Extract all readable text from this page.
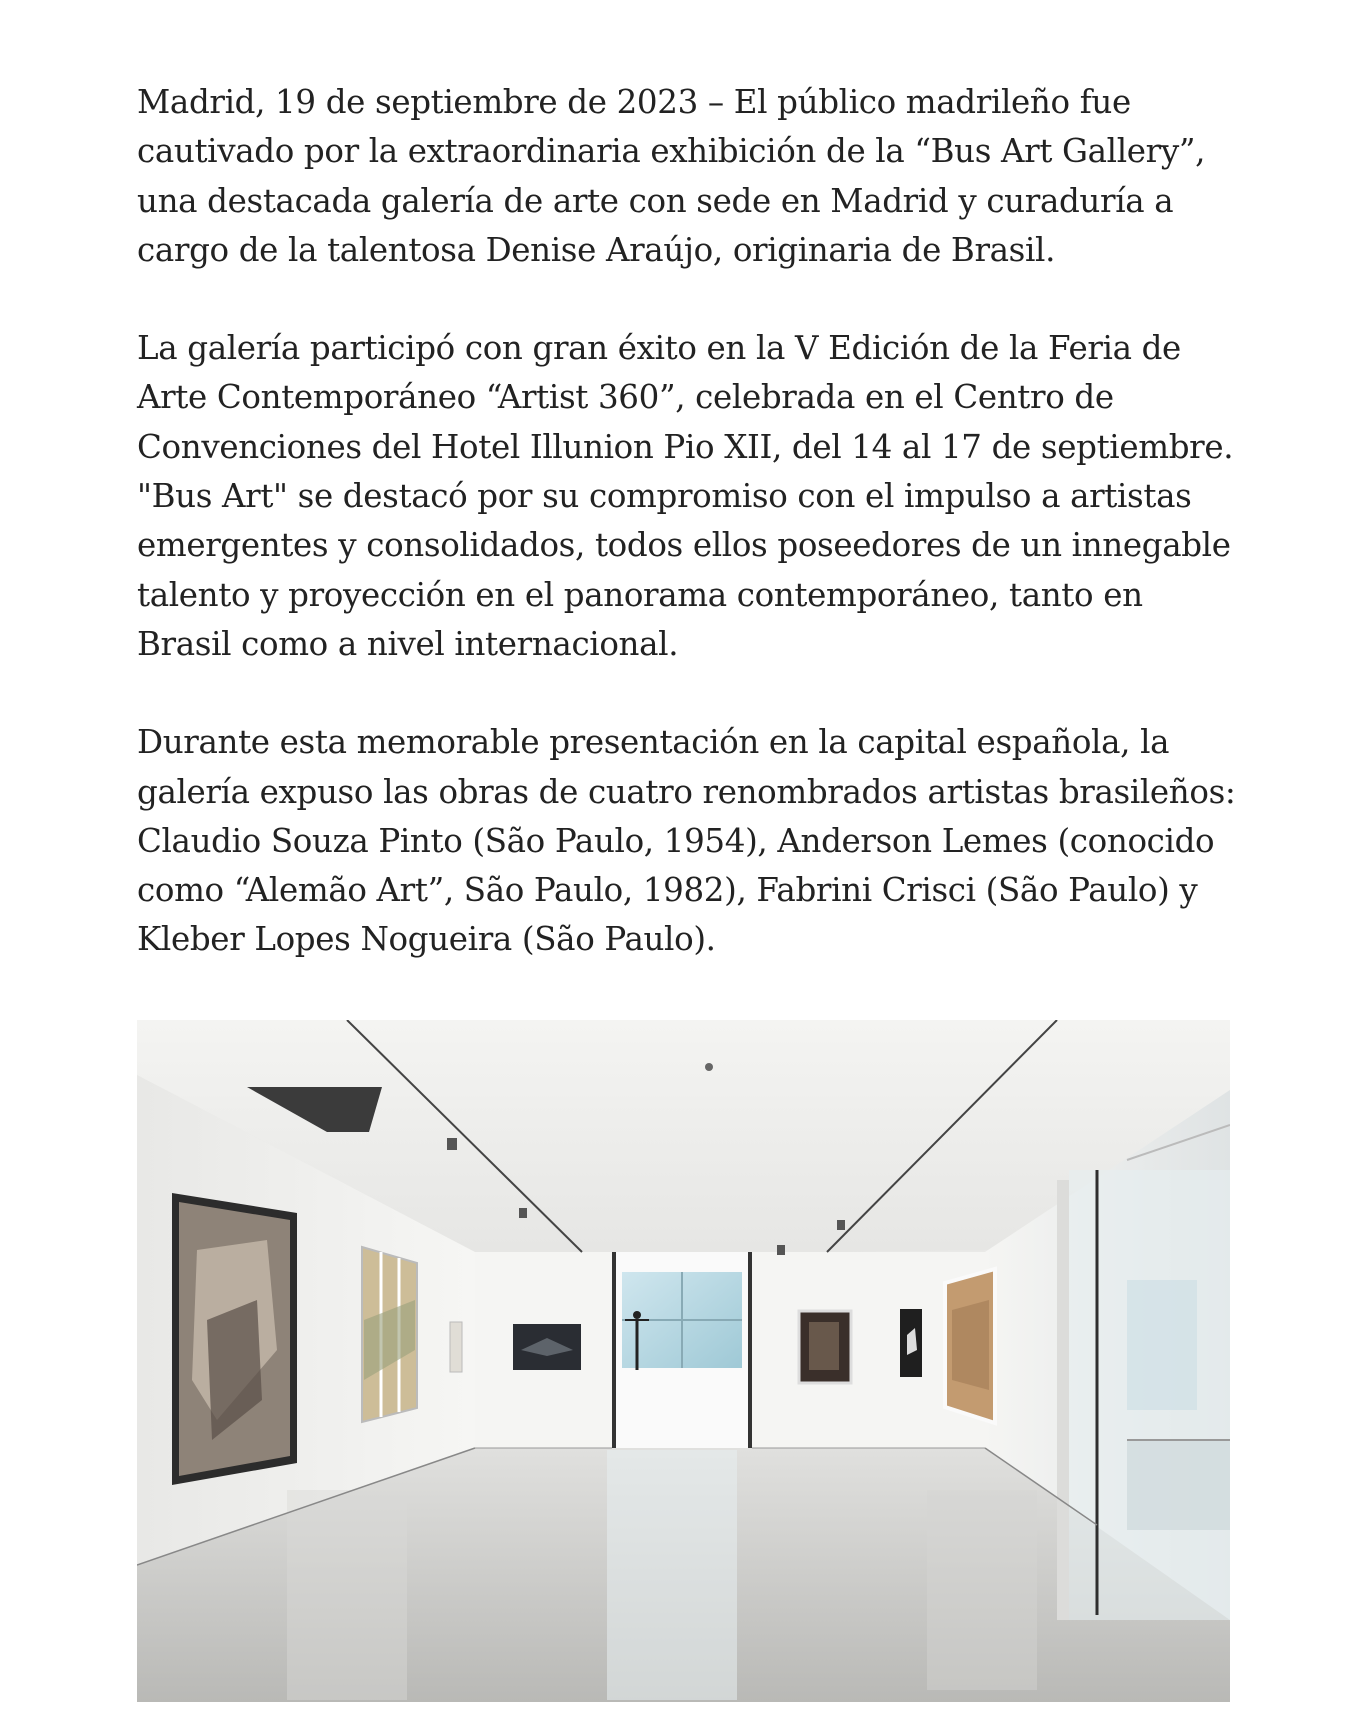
Madrid, 19 de septiembre de 2023 – El público madrileño fue cautivado por la extraordinaria exhibición de la “Bus Art Gallery”, una destacada galería de arte con sede en Madrid y curaduría a cargo de la talentosa Denise Araújo, originaria de Brasil.

La galería participó con gran éxito en la V Edición de la Feria de Arte Contemporáneo “Artist 360”, celebrada en el Centro de Convenciones del Hotel Illunion Pio XII, del 14 al 17 de septiembre. "Bus Art" se destacó por su compromiso con el impulso a artistas emergentes y consolidados, todos ellos poseedores de un innegable talento y proyección en el panorama contemporáneo, tanto en Brasil como a nivel internacional.

Durante esta memorable presentación en la capital española, la galería expuso las obras de cuatro renombrados artistas brasileños: Claudio Souza Pinto (São Paulo, 1954), Anderson Lemes (conocido como “Alemão Art”, São Paulo, 1982), Fabrini Crisci (São Paulo) y Kleber Lopes Nogueira (São Paulo).
